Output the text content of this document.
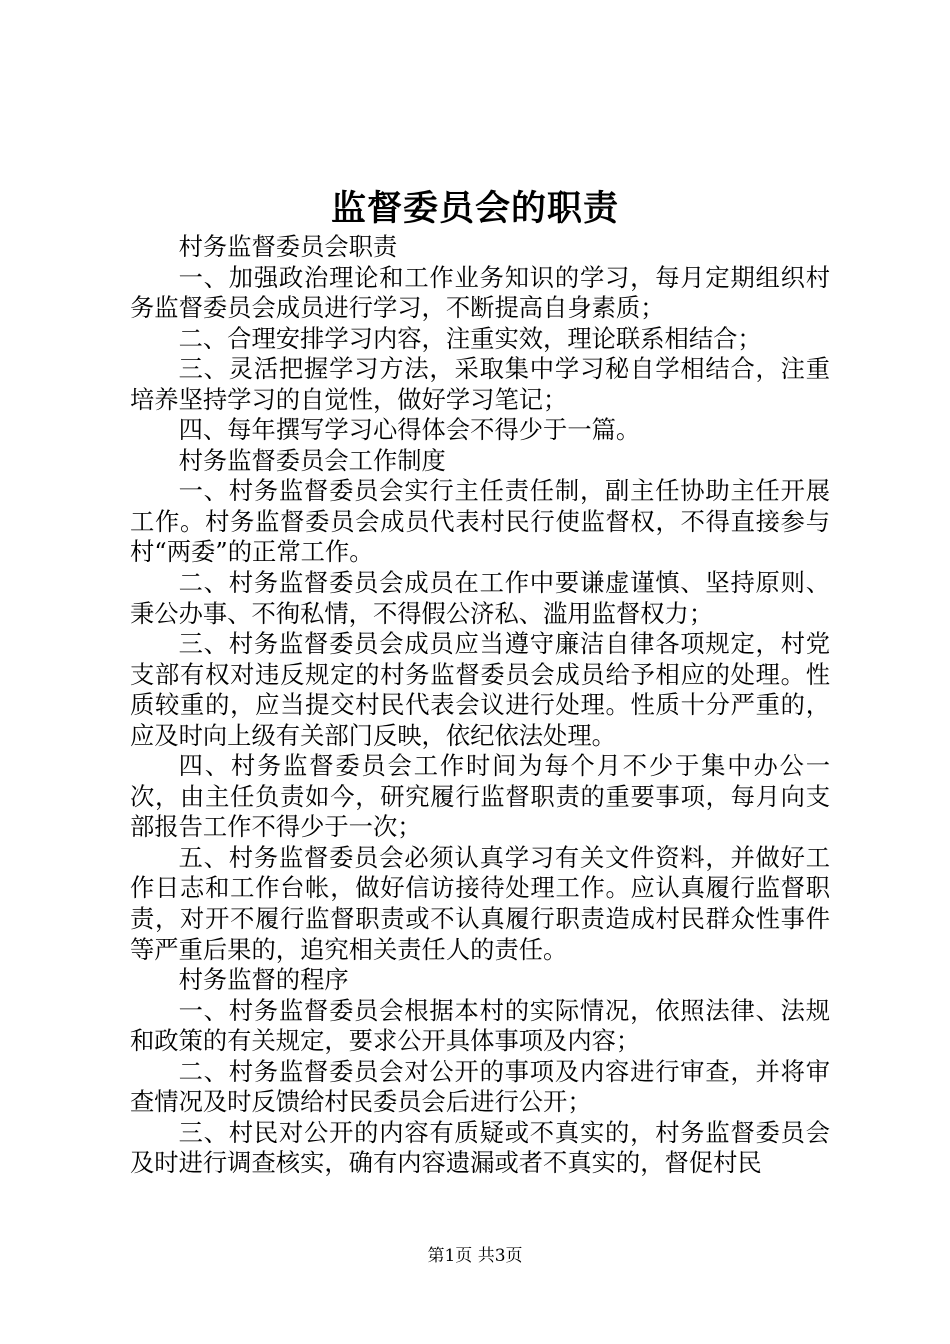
监督委员会的职责

村务监督委员会职责

一、加强政治理论和工作业务知识的学习，每月定期组织村务监督委员会成员进行学习，不断提高自身素质；

二、合理安排学习内容，注重实效，理论联系相结合；

三、灵活把握学习方法，采取集中学习秘自学相结合，注重培养坚持学习的自觉性，做好学习笔记；

四、每年撰写学习心得体会不得少于一篇。

村务监督委员会工作制度

一、村务监督委员会实行主任责任制，副主任协助主任开展工作。村务监督委员会成员代表村民行使监督权，不得直接参与村“两委”的正常工作。

二、村务监督委员会成员在工作中要谦虚谨慎、坚持原则、秉公办事、不徇私情，不得假公济私、滥用监督权力；

三、村务监督委员会成员应当遵守廉洁自律各项规定，村党支部有权对违反规定的村务监督委员会成员给予相应的处理。性质较重的，应当提交村民代表会议进行处理。性质十分严重的，应及时向上级有关部门反映，依纪依法处理。

四、村务监督委员会工作时间为每个月不少于集中办公一次，由主任负责如今，研究履行监督职责的重要事项，每月向支部报告工作不得少于一次；

五、村务监督委员会必须认真学习有关文件资料，并做好工作日志和工作台帐，做好信访接待处理工作。应认真履行监督职责，对开不履行监督职责或不认真履行职责造成村民群众性事件等严重后果的，追究相关责任人的责任。

村务监督的程序

一、村务监督委员会根据本村的实际情况，依照法律、法规和政策的有关规定，要求公开具体事项及内容；

二、村务监督委员会对公开的事项及内容进行审查，并将审查情况及时反馈给村民委员会后进行公开；

三、村民对公开的内容有质疑或不真实的，村务监督委员会及时进行调查核实，确有内容遗漏或者不真实的，督促村民

第1页 共3页
